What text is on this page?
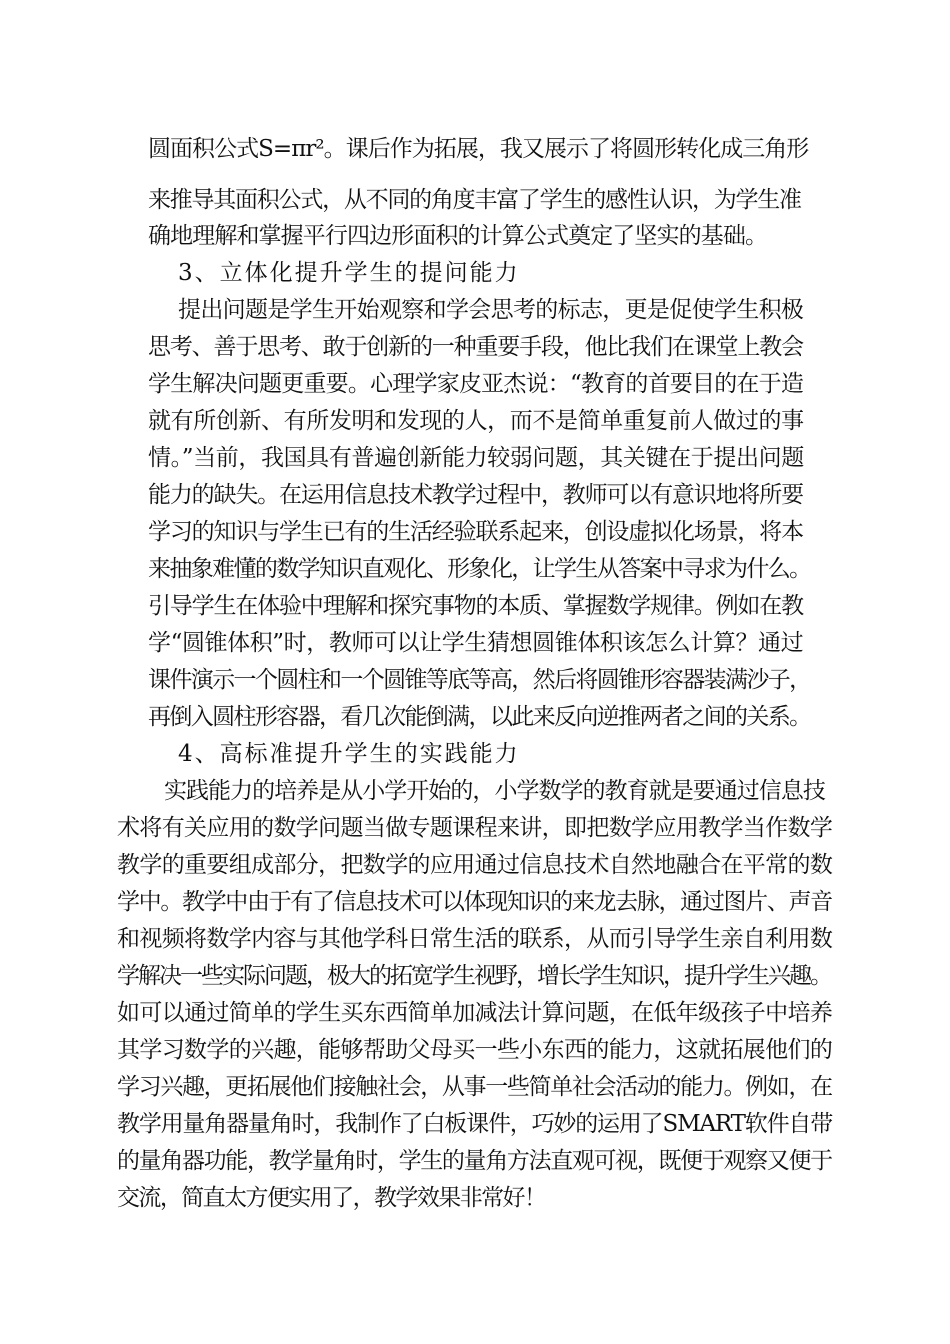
圆面积公式S=πr²。课后作为拓展，我又展示了将圆形转化成三角形
来推导其面积公式，从不同的角度丰富了学生的感性认识，为学生准
确地理解和掌握平行四边形面积的计算公式奠定了坚实的基础。
3、立体化提升学生的提问能力
提出问题是学生开始观察和学会思考的标志，更是促使学生积极
思考、善于思考、敢于创新的一种重要手段，他比我们在课堂上教会
学生解决问题更重要。心理学家皮亚杰说：“教育的首要目的在于造
就有所创新、有所发明和发现的人，而不是简单重复前人做过的事
情。”当前，我国具有普遍创新能力较弱问题，其关键在于提出问题
能力的缺失。在运用信息技术教学过程中，教师可以有意识地将所要
学习的知识与学生已有的生活经验联系起来，创设虚拟化场景，将本
来抽象难懂的数学知识直观化、形象化，让学生从答案中寻求为什么。
引导学生在体验中理解和探究事物的本质、掌握数学规律。例如在教
学“圆锥体积”时，教师可以让学生猜想圆锥体积该怎么计算？通过
课件演示一个圆柱和一个圆锥等底等高，然后将圆锥形容器装满沙子，
再倒入圆柱形容器，看几次能倒满，以此来反向逆推两者之间的关系。
4、高标准提升学生的实践能力
实践能力的培养是从小学开始的，小学数学的教育就是要通过信息技
术将有关应用的数学问题当做专题课程来讲，即把数学应用教学当作数学
教学的重要组成部分，把数学的应用通过信息技术自然地融合在平常的数
学中。教学中由于有了信息技术可以体现知识的来龙去脉，通过图片、声音
和视频将数学内容与其他学科日常生活的联系，从而引导学生亲自利用数
学解决一些实际问题，极大的拓宽学生视野，增长学生知识，提升学生兴趣。
如可以通过简单的学生买东西简单加减法计算问题，在低年级孩子中培养
其学习数学的兴趣，能够帮助父母买一些小东西的能力，这就拓展他们的
学习兴趣，更拓展他们接触社会，从事一些简单社会活动的能力。例如，在
教学用量角器量角时，我制作了白板课件，巧妙的运用了SMART软件自带
的量角器功能，教学量角时，学生的量角方法直观可视，既便于观察又便于
交流，简直太方便实用了，教学效果非常好！
